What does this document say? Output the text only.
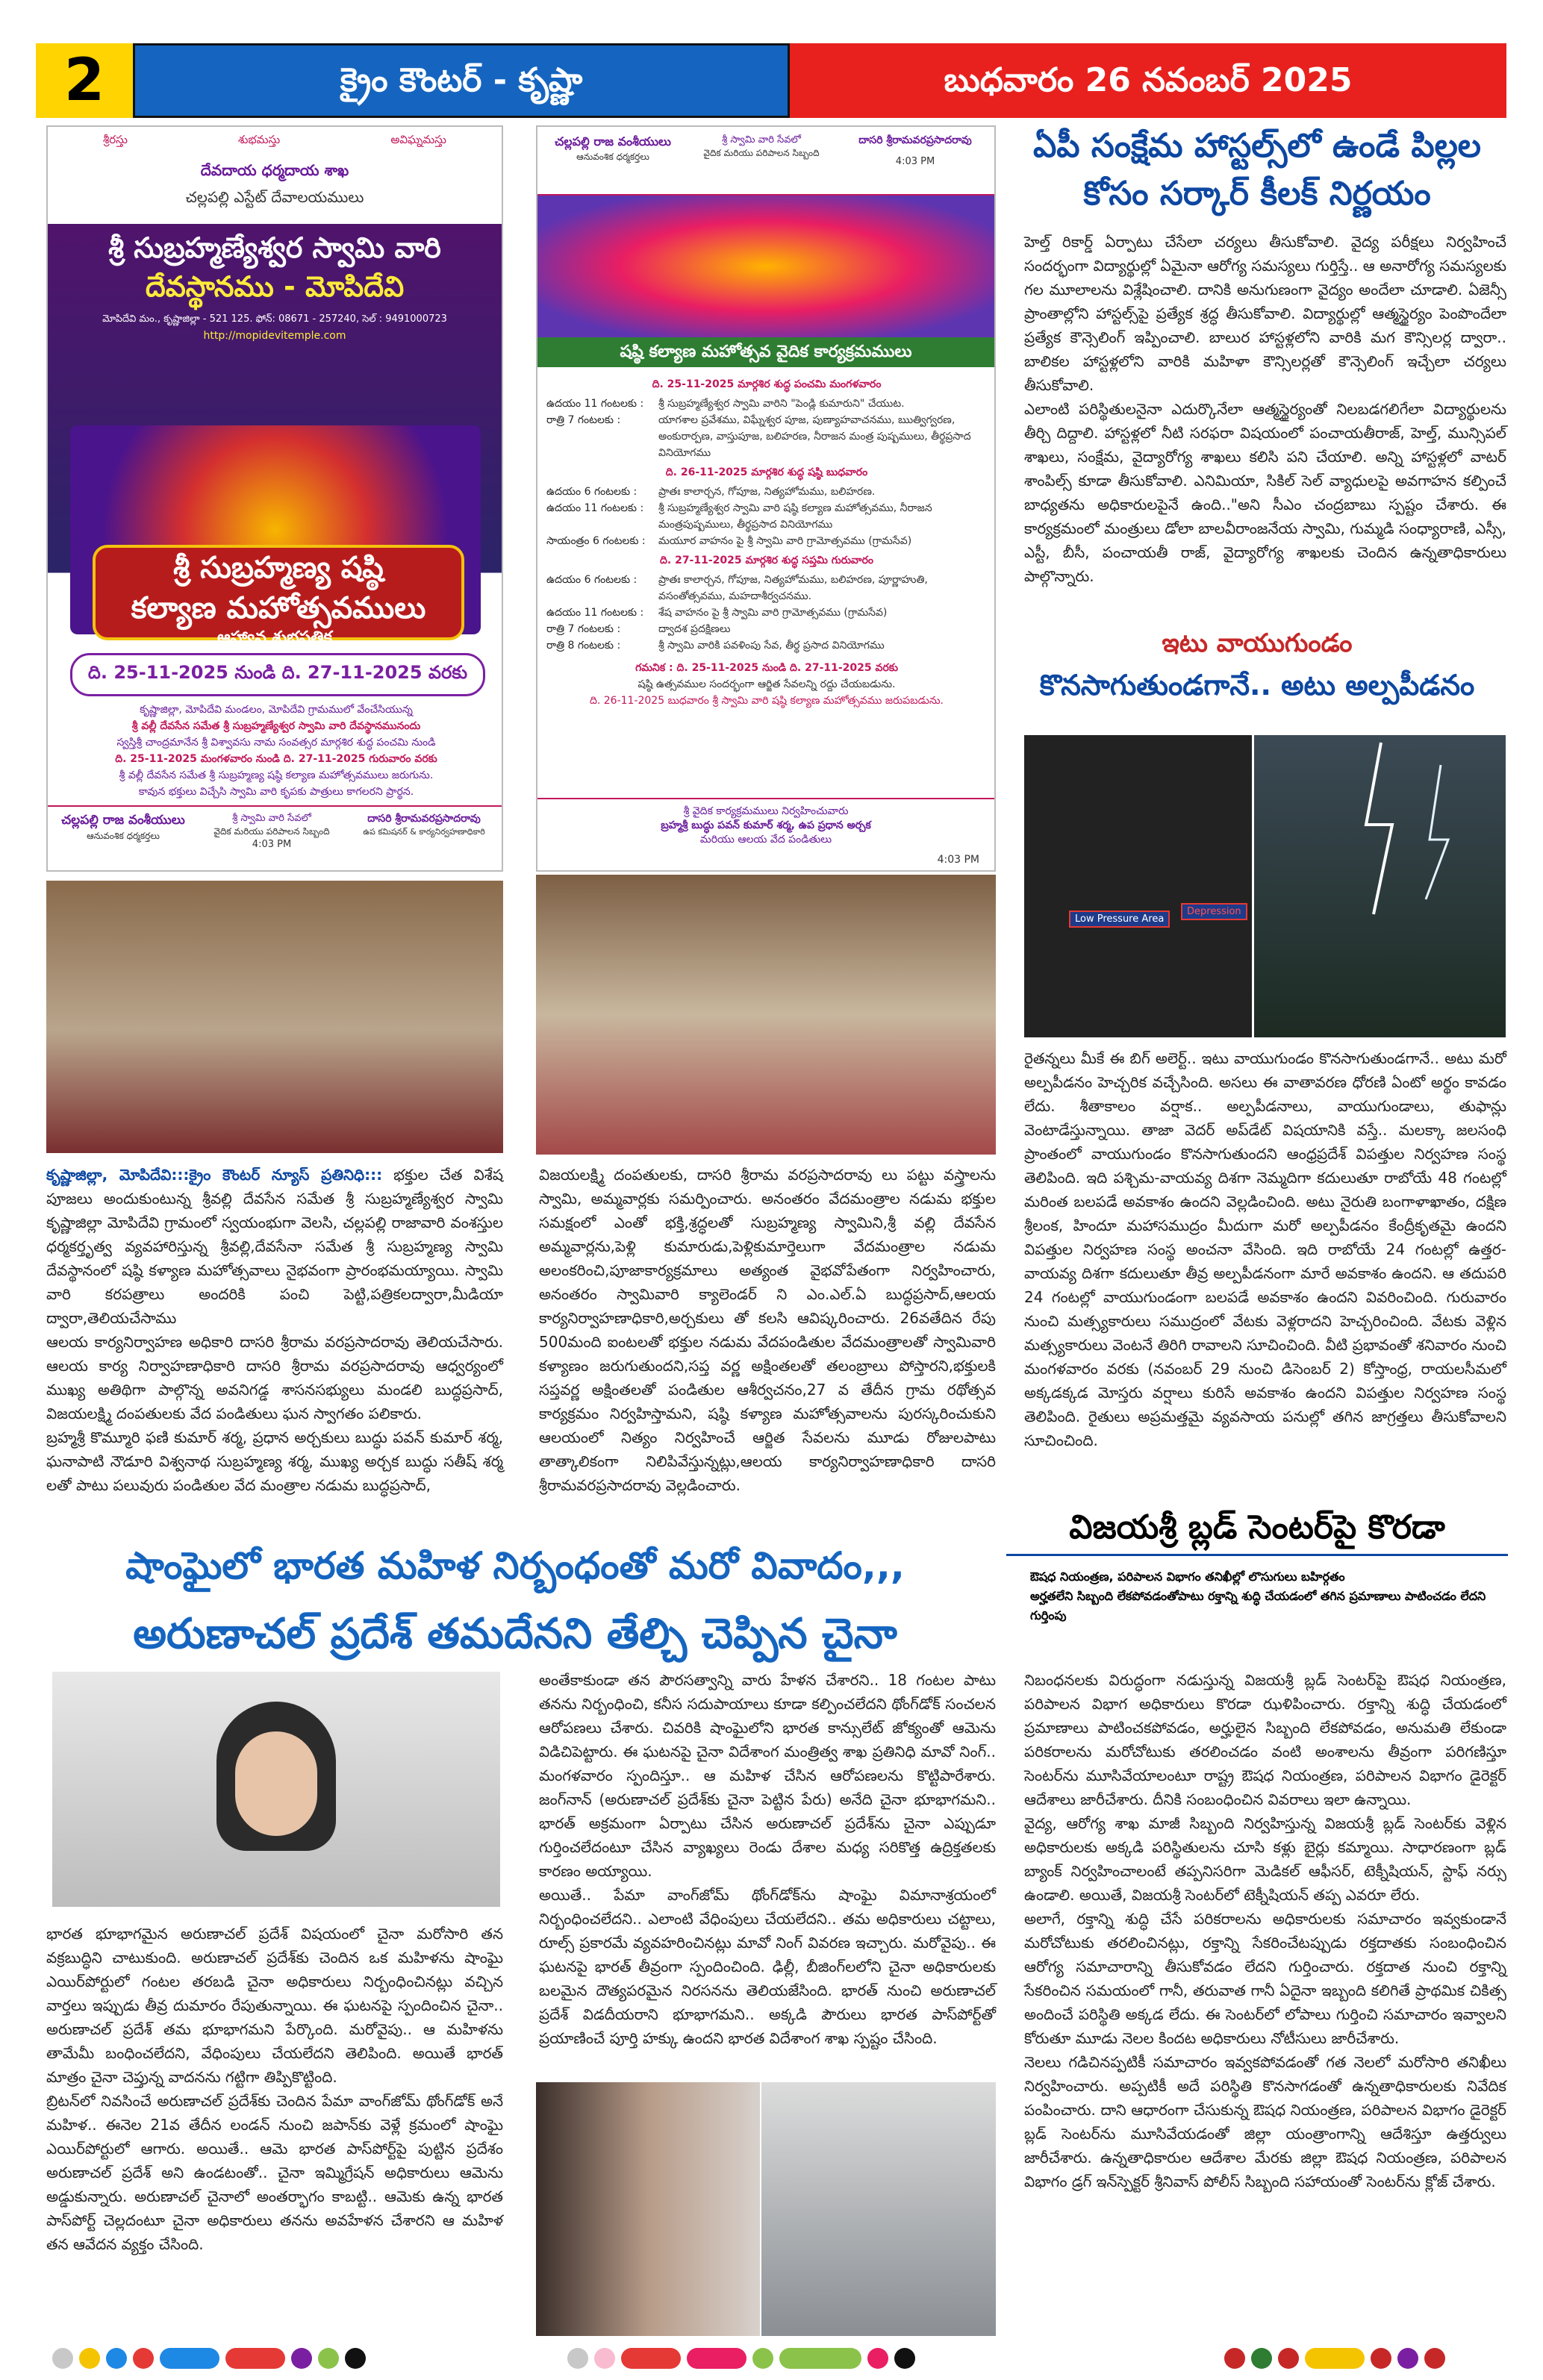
2	క్రైం కౌంటర్ - కృష్ణా	బుధవారం 26 నవంబర్ 2025
శ్రీరస్తు	శుభమస్తు	అవిఘ్నమస్తు
దేవదాయ ధర్మదాయ శాఖ
చల్లపల్లి ఎస్టేట్ దేవాలయములు
శ్రీ సుబ్రహ్మణ్యేశ్వర స్వామి వారి
దేవస్థానము - మోపిదేవి
మోపిదేవి మం., కృష్ణాజిల్లా - 521 125. ఫోన్: 08671 - 257240, సెల్ : 9491000723
http://mopidevitemple.com
శ్రీ సుబ్రహ్మణ్య షష్ఠి
కల్యాణ మహోత్సవములు
ఆహ్వాన శుభపత్రిక
ది. 25-11-2025 నుండి ది. 27-11-2025 వరకు
కృష్ణాజిల్లా, మోపిదేవి మండలం, మోపిదేవి గ్రామములో వేంచేసియున్న
శ్రీ వల్లీ దేవసేన సమేత శ్రీ సుబ్రహ్మణ్యేశ్వర స్వామి వారి దేవస్థానమునందు
స్వస్తిశ్రీ చాంద్రమానేన శ్రీ విశ్వావసు నామ సంవత్సర మార్గశిర శుద్ధ పంచమి నుండి
ది. 25-11-2025 మంగళవారం నుండి ది. 27-11-2025 గురువారం వరకు
శ్రీ వల్లీ దేవసేన సమేత శ్రీ సుబ్రహ్మణ్య షష్ఠి కల్యాణ మహోత్సవములు జరుగును.
కావున భక్తులు విచ్చేసి స్వామి వారి కృపకు పాత్రులు కాగలరని ప్రార్థన.
చల్లపల్లి రాజ వంశీయులు
ఆనువంశిక ధర్మకర్తలు
శ్రీ స్వామి వారి సేవలో
వైదిక మరియు పరిపాలన సిబ్బంది
4:03 PM
దాసరి శ్రీరామవరప్రసాదరావు
ఉప కమిషనర్ & కార్యనిర్వహణాధికారి
చల్లపల్లి రాజ వంశీయులు
ఆనువంశిక ధర్మకర్తలు
శ్రీ స్వామి వారి సేవలో
వైదిక మరియు పరిపాలన సిబ్బంది
దాసరి శ్రీరామవరప్రసాదరావు
4:03 PM
షష్ఠి కల్యాణ మహోత్సవ వైదిక కార్యక్రమములు
ది. 25-11-2025 మార్గశిర శుద్ధ పంచమి మంగళవారం
ఉదయం 11 గంటలకు :	శ్రీ సుబ్రహ్మణ్యేశ్వర స్వామి వారిని "పెండ్లి కుమారుని" చేయుట.
రాత్రి 7 గంటలకు :	యాగశాల ప్రవేశము, విఘ్నేశ్వర పూజ, పుణ్యాహవాచనము, ఋత్విగ్వరణ, అంకురార్పణ, వాస్తుపూజ, బలిహరణ, నీరాజన మంత్ర పుష్పములు, తీర్థప్రసాద వినియోగము
ది. 26-11-2025 మార్గశిర శుద్ధ షష్ఠి బుధవారం
ఉదయం 6 గంటలకు :	ప్రాతః కాలార్చన, గోపూజ, నిత్యహోమము, బలిహరణ.
ఉదయం 11 గంటలకు :	శ్రీ సుబ్రహ్మణ్యేశ్వర స్వామి వారి షష్ఠి కల్యాణ మహోత్సవము, నీరాజన మంత్రపుష్పములు, తీర్థప్రసాద వినియోగము
సాయంత్రం 6 గంటలకు :	మయూర వాహనం పై శ్రీ స్వామి వారి గ్రామోత్సవము (గ్రామసేవ)
ది. 27-11-2025 మార్గశిర శుద్ధ సప్తమి గురువారం
ఉదయం 6 గంటలకు :	ప్రాతః కాలార్చన, గోపూజ, నిత్యహోమము, బలిహరణ, పూర్ణాహుతి, వసంతోత్సవము, మహదాశీర్వచనము.
ఉదయం 11 గంటలకు :	శేష వాహనం పై శ్రీ స్వామి వారి గ్రామోత్సవము (గ్రామసేవ)
రాత్రి 7 గంటలకు :	ద్వాదశ ప్రదక్షిణలు
రాత్రి 8 గంటలకు :	శ్రీ స్వామి వారికి పవళింపు సేవ, తీర్థ ప్రసాద వినియోగము
గమనిక : ది. 25-11-2025 నుండి ది. 27-11-2025 వరకు
షష్ఠి ఉత్సవముల సందర్భంగా ఆర్జిత సేవలన్ని రద్దు చేయబడును.
ది. 26-11-2025 బుధవారం శ్రీ స్వామి వారి షష్ఠి కల్యాణ మహోత్సవము జరుపబడును.
శ్రీ వైదిక కార్యక్రమములు నిర్వహించువారు
బ్రహ్మశ్రీ బుద్ధు పవన్ కుమార్ శర్మ, ఉప ప్రధాన అర్చక
మరియు ఆలయ వేద పండితులు
4:03 PM

కృష్ణాజిల్లా, మోపిదేవి:::క్రైం కౌంటర్ న్యూస్ ప్రతినిధి::: భక్తుల చేత విశేష పూజలు అందుకుంటున్న శ్రీవల్లి దేవసేన సమేత శ్రీ సుబ్రహ్మణ్యేశ్వర స్వామి కృష్ణాజిల్లా మోపిదేవి గ్రామంలో స్వయంభుగా వెలసి, చల్లపల్లి రాజావారి వంశస్తుల ధర్మకర్తృత్వ వ్యవహారిస్తున్న శ్రీవల్లి,దేవసేనా సమేత శ్రీ సుబ్రహ్మణ్య స్వామి దేవస్థానంలో షష్ఠి కళ్యాణ మహోత్సవాలు నైభవంగా ప్రారంభమయ్యాయి. స్వామి వారి కరపత్రాలు అందరికి పంచి పెట్టి,పత్రికలద్వారా,మీడియా ద్వారా,తెలియచేసాము
ఆలయ కార్యనిర్వాహణ అధికారి దాసరి శ్రీరామ వరప్రసాదరావు తెలియచేసారు. ఆలయ కార్య నిర్వాహణాధికారి దాసరి శ్రీరామ వరప్రసాదరావు ఆధ్వర్యంలో ముఖ్య అతిథిగా పాల్గొన్న అవనిగడ్డ శాసనసభ్యులు మండలి బుద్ధప్రసాద్, విజయలక్ష్మి దంపతులకు వేద పండితులు ఘన స్వాగతం పలికారు.
బ్రహ్మశ్రీ కొమ్మూరి ఫణి కుమార్ శర్మ, ప్రధాన అర్చకులు బుద్ధు పవన్ కుమార్ శర్మ, ఘనాపాటి నౌడూరి విశ్వనాథ సుబ్రహ్మణ్య శర్మ, ముఖ్య అర్చక బుద్ధు సతీష్ శర్మ లతో పాటు పలువురు పండితుల వేద మంత్రాల నడుమ బుద్ధప్రసాద్,

విజయలక్ష్మి దంపతులకు, దాసరి శ్రీరామ వరప్రసాదరావు లు పట్టు వస్త్రాలను స్వామి, అమ్మవార్లకు సమర్పించారు. అనంతరం వేదమంత్రాల నడుమ భక్తుల సమక్షంలో ఎంతో భక్తి,శ్రద్ధలతో సుబ్రహ్మణ్య స్వామిని,శ్రీ వల్లి దేవసేన అమ్మవార్లను,పెళ్లి కుమారుడు,పెళ్లికుమార్తెలుగా వేదమంత్రాల నడుమ అలంకరించి,పూజాకార్యక్రమాలు అత్యంత వైభవోపేతంగా నిర్వహించారు, అనంతరం స్వామివారి క్యాలెండర్ ని ఎం.ఎల్.ఏ బుద్ధప్రసాద్,ఆలయ కార్యనిర్వాహణాధికారి,అర్చకులు తో కలసి ఆవిష్కరించారు. 26వతేదిన రేపు 500మంది ఐంటలతో భక్తుల నడుమ వేదపండితుల వేదమంత్రాలతో స్వామివారి కళ్యాణం జరుగుతుందని,సప్త వర్ణ అక్షింతలతో తలంబ్రాలు పోస్తారని,భక్తులకి సప్తవర్ణ అక్షింతలతో పండితుల ఆశీర్వచనం,27 వ తేదీన గ్రామ రథోత్సవ కార్యక్రమం నిర్వహిస్తామని, షష్ఠి కళ్యాణ మహోత్సవాలను పురస్కరించుకుని ఆలయంలో నిత్యం నిర్వహించే ఆర్జిత సేవలను మూడు రోజులపాటు తాత్కాలికంగా నిలిపివేస్తున్నట్లు,ఆలయ కార్యనిర్వాహణాధికారి దాసరి శ్రీరామవరప్రసాదరావు వెల్లడించారు.

ఏపీ సంక్షేమ హాస్టల్స్‌లో ఉండే పిల్లల
కోసం సర్కార్ కీలక్ నిర్ణయం

హెల్త్ రికార్డ్ ఏర్పాటు చేసేలా చర్యలు తీసుకోవాలి. వైద్య పరీక్షలు నిర్వహించే సందర్భంగా విద్యార్థుల్లో ఏమైనా ఆరోగ్య సమస్యలు గుర్తిస్తే.. ఆ అనారోగ్య సమస్యలకు గల మూలాలను విశ్లేషించాలి. దానికి అనుగుణంగా వైద్యం అందేలా చూడాలి. ఏజెన్సీ ప్రాంతాల్లోని హాస్టల్స్‌పై ప్రత్యేక శ్రద్ధ తీసుకోవాలి. విద్యార్థుల్లో ఆత్మస్థైర్యం పెంపొందేలా ప్రత్యేక కౌన్సెలింగ్ ఇప్పించాలి. బాలుర హాస్టళ్లలోని వారికి మగ కౌన్సిలర్ల ద్వారా.. బాలికల హాస్టళ్లలోని వారికి మహిళా కౌన్సిలర్లతో కౌన్సెలింగ్ ఇచ్చేలా చర్యలు తీసుకోవాలి.
ఎలాంటి పరిస్థితులనైనా ఎదుర్కొనేలా ఆత్మస్థైర్యంతో నిలబడగలిగేలా విద్యార్థులను తీర్చి దిద్దాలి. హాస్టళ్లలో నీటి సరఫరా విషయంలో పంచాయతీరాజ్, హెల్త్, మున్సిపల్ శాఖలు, సంక్షేమ, వైద్యారోగ్య శాఖలు కలిసి పని చేయాలి. అన్ని హాస్టళ్లలో వాటర్ శాంపిల్స్ కూడా తీసుకోవాలి. ఎనిమియా, సికిల్ సెల్ వ్యాధులపై అవగాహన కల్పించే బాధ్యతను అధికారులపైనే ఉంది.."అని సీఎం చంద్రబాబు స్పష్టం చేశారు. ఈ కార్యక్రమంలో మంత్రులు డోలా బాలవీరాంజనేయ స్వామి, గుమ్మడి సంధ్యారాణి, ఎస్సీ, ఎస్టీ, బీసీ, పంచాయతీ రాజ్, వైద్యారోగ్య శాఖలకు చెందిన ఉన్నతాధికారులు పాల్గొన్నారు.

ఇటు వాయుగుండం
కొనసాగుతుండగానే.. అటు అల్పపీడనం
Low Pressure Area
Depression

రైతన్నలు మీకే ఈ బిగ్ అలెర్ట్.. ఇటు వాయుగుండం కొనసాగుతుండగానే.. అటు మరో అల్పపీడనం హెచ్చరిక వచ్చేసింది. అసలు ఈ వాతావరణ ధోరణి ఏంటో అర్థం కావడం లేదు. శీతాకాలం వర్షాక.. అల్పపీడనాలు, వాయుగుండాలు, తుఫాన్లు వెంటాడేస్తున్నాయి. తాజా వెదర్ అప్‌డేట్ విషయానికి వస్తే.. మలక్కా జలసంధి ప్రాంతంలో వాయుగుండం కొనసాగుతుందని ఆంధ్రప్రదేశ్ విపత్తుల నిర్వహణ సంస్థ తెలిపింది. ఇది పశ్చిమ-వాయవ్య దిశగా నెమ్మదిగా కదులుతూ రాబోయే 48 గంటల్లో మరింత బలపడే అవకాశం ఉందని వెల్లడించింది. అటు నైరుతి బంగాళాఖాతం, దక్షిణ శ్రీలంక, హిందూ మహాసముద్రం మీదుగా మరో అల్పపీడనం కేంద్రీకృతమై ఉందని విపత్తుల నిర్వహణ సంస్థ అంచనా వేసింది. ఇది రాబోయే 24 గంటల్లో ఉత్తర-వాయవ్య దిశగా కదులుతూ తీవ్ర అల్పపీడనంగా మారే అవకాశం ఉందని. ఆ తదుపరి 24 గంటల్లో వాయుగుండంగా బలపడే అవకాశం ఉందని వివరించింది. గురువారం నుంచి మత్స్యకారులు సముద్రంలో వేటకు వెళ్లరాదని హెచ్చరించింది. వేటకు వెళ్లిన మత్స్యకారులు వెంటనే తిరిగి రావాలని సూచించింది. వీటి ప్రభావంతో శనివారం నుంచి మంగళవారం వరకు (నవంబర్ 29 నుంచి డిసెంబర్ 2) కోస్తాంధ్ర, రాయలసీమలో అక్కడక్కడ మోస్తరు వర్షాలు కురిసే అవకాశం ఉందని విపత్తుల నిర్వహణ సంస్థ తెలిపింది. రైతులు అప్రమత్తమై వ్యవసాయ పనుల్లో తగిన జాగ్రత్తలు తీసుకోవాలని సూచించింది.

విజయశ్రీ బ్లడ్ సెంటర్‌పై కొరడా
ఔషధ నియంత్రణ, పరిపాలన విభాగం తనిఖీల్లో లొసుగులు బహిర్గతం
అర్హతలేని సిబ్బంది లేకపోవడంతోపాటు రక్తాన్ని శుద్ధి చేయడంలో తగిన ప్రమాణాలు పాటించడం లేదని గుర్తింపు

నిబంధనలకు విరుద్ధంగా నడుస్తున్న విజయశ్రీ బ్లడ్ సెంటర్‌పై ఔషధ నియంత్రణ, పరిపాలన విభాగ అధికారులు కొరడా ఝళిపించారు. రక్తాన్ని శుద్ధి చేయడంలో ప్రమాణాలు పాటించకపోవడం, అర్హులైన సిబ్బంది లేకపోవడం, అనుమతి లేకుండా పరికరాలను మరోచోటుకు తరలించడం వంటి అంశాలను తీవ్రంగా పరిగణిస్తూ సెంటర్‌ను మూసివేయాలంటూ రాష్ట్ర ఔషధ నియంత్రణ, పరిపాలన విభాగం డైరెక్టర్ ఆదేశాలు జారీచేశారు. దీనికి సంబంధించిన వివరాలు ఇలా ఉన్నాయి.
వైద్య, ఆరోగ్య శాఖ మాజీ సిబ్బంది నిర్వహిస్తున్న విజయశ్రీ బ్లడ్ సెంటర్‌కు వెళ్లిన అధికారులకు అక్కడి పరిస్థితులను చూసి కళ్లు బైర్లు కమ్మాయి. సాధారణంగా బ్లడ్ బ్యాంక్ నిర్వహించాలంటే తప్పనిసరిగా మెడికల్ ఆఫీసర్, టెక్నీషియన్, స్టాఫ్ నర్సు ఉండాలి. అయితే, విజయశ్రీ సెంటర్‌లో టెక్నీషియన్ తప్ప ఎవరూ లేరు.
అలాగే, రక్తాన్ని శుద్ధి చేసే పరికరాలను అధికారులకు సమాచారం ఇవ్వకుండానే మరోచోటుకు తరలించినట్లు, రక్తాన్ని సేకరించేటప్పుడు రక్తదాతకు సంబంధించిన ఆరోగ్య సమాచారాన్ని తీసుకోవడం లేదని గుర్తించారు. రక్తదాత నుంచి రక్తాన్ని సేకరించిన సమయంలో గానీ, తరువాత గానీ ఏదైనా ఇబ్బంది కలిగితే ప్రాథమిక చికిత్స అందించే పరిస్థితి అక్కడ లేదు. ఈ సెంటర్‌లో లోపాలు గుర్తించి సమాచారం ఇవ్వాలని కోరుతూ మూడు నెలల కిందట అధికారులు నోటీసులు జారీచేశారు.
నెలలు గడిచినప్పటికీ సమాచారం ఇవ్వకపోవడంతో గత నెలలో మరోసారి తనిఖీలు నిర్వహించారు. అప్పటికీ అదే పరిస్థితి కొనసాగడంతో ఉన్నతాధికారులకు నివేదిక పంపించారు. దాని ఆధారంగా చేసుకున్న ఔషధ నియంత్రణ, పరిపాలన విభాగం డైరెక్టర్ బ్లడ్ సెంటర్‌ను మూసివేయడంతో జిల్లా యంత్రాంగాన్ని ఆదేశిస్తూ ఉత్తర్వులు జారీచేశారు. ఉన్నతాధికారుల ఆదేశాల మేరకు జిల్లా ఔషధ నియంత్రణ, పరిపాలన విభాగం డ్రగ్ ఇన్‌స్పెక్టర్ శ్రీనివాస్ పోలీస్ సిబ్బంది సహాయంతో సెంటర్‌ను క్లోజ్ చేశారు.

షాంఘైలో భారత మహిళ నిర్బంధంతో మరో వివాదం,,,
అరుణాచల్ ప్రదేశ్ తమదేనని తేల్చి చెప్పిన చైనా

భారత భూభాగమైన అరుణాచల్ ప్రదేశ్ విషయంలో చైనా మరోసారి తన వక్రబుద్ధిని చాటుకుంది. అరుణాచల్ ప్రదేశ్‌కు చెందిన ఒక మహిళను షాంఘై ఎయిర్‌పోర్టులో గంటల తరబడి చైనా అధికారులు నిర్బంధించినట్లు వచ్చిన వార్తలు ఇప్పుడు తీవ్ర దుమారం రేపుతున్నాయి. ఈ ఘటనపై స్పందించిన చైనా.. అరుణాచల్ ప్రదేశ్ తమ భూభాగమని పేర్కొంది. మరోవైపు.. ఆ మహిళను తామేమీ బంధించలేదని, వేధింపులు చేయలేదని తెలిపింది. అయితే భారత్ మాత్రం చైనా చెప్తున్న వాదనను గట్టిగా తిప్పికొట్టింది.
బ్రిటన్‌లో నివసించే అరుణాచల్ ప్రదేశ్‌కు చెందిన పేమా వాంగ్‌జోమ్ థోంగ్‌డోక్ అనే మహిళ.. ఈనెల 21వ తేదీన లండన్ నుంచి జపాన్‌కు వెళ్లే క్రమంలో షాంఘై ఎయిర్‌పోర్టులో ఆగారు. అయితే.. ఆమె భారత పాస్‌పోర్ట్‌పై పుట్టిన ప్రదేశం అరుణాచల్ ప్రదేశ్ అని ఉండటంతో.. చైనా ఇమ్మిగ్రేషన్ అధికారులు ఆమెను అడ్డుకున్నారు. అరుణాచల్ చైనాలో అంతర్భాగం కాబట్టి.. ఆమెకు ఉన్న భారత పాస్‌పోర్ట్ చెల్లదంటూ చైనా అధికారులు తనను అవహేళన చేశారని ఆ మహిళ తన ఆవేదన వ్యక్తం చేసింది.

అంతేకాకుండా తన పౌరసత్వాన్ని వారు హేళన చేశారని.. 18 గంటల పాటు తనను నిర్బంధించి, కనీస సదుపాయాలు కూడా కల్పించలేదని థోంగ్‌డోక్ సంచలన ఆరోపణలు చేశారు. చివరికి షాంఘైలోని భారత కాన్సులేట్ జోక్యంతో ఆమెను విడిచిపెట్టారు. ఈ ఘటనపై చైనా విదేశాంగ మంత్రిత్వ శాఖ ప్రతినిధి మావో నింగ్.. మంగళవారం స్పందిస్తూ.. ఆ మహిళ చేసిన ఆరోపణలను కొట్టిపారేశారు. జంగ్‌నాన్ (అరుణాచల్ ప్రదేశ్‌కు చైనా పెట్టిన పేరు) అనేది చైనా భూభాగమని.. భారత్ అక్రమంగా ఏర్పాటు చేసిన అరుణాచల్ ప్రదేశ్‌ను చైనా ఎప్పుడూ గుర్తించలేదంటూ చేసిన వ్యాఖ్యలు రెండు దేశాల మధ్య సరికొత్త ఉద్రిక్తతలకు కారణం అయ్యాయి.
అయితే.. పేమా వాంగ్‌జోమ్ థోంగ్‌డోక్‌ను షాంఘై విమానాశ్రయంలో నిర్బంధించలేదని.. ఎలాంటి వేధింపులు చేయలేదని.. తమ అధికారులు చట్టాలు, రూల్స్ ప్రకారమే వ్యవహరించినట్లు మావో నింగ్ వివరణ ఇచ్చారు. మరోవైపు.. ఈ ఘటనపై భారత్ తీవ్రంగా స్పందించింది. ఢిల్లీ, బీజింగ్‌లలోని చైనా అధికారులకు బలమైన దౌత్యపరమైన నిరసనను తెలియజేసింది. భారత్ నుంచి అరుణాచల్ ప్రదేశ్ విడదీయరాని భూభాగమని.. అక్కడి పౌరులు భారత పాస్‌పోర్ట్‌తో ప్రయాణించే పూర్తి హక్కు ఉందని భారత విదేశాంగ శాఖ స్పష్టం చేసింది.
